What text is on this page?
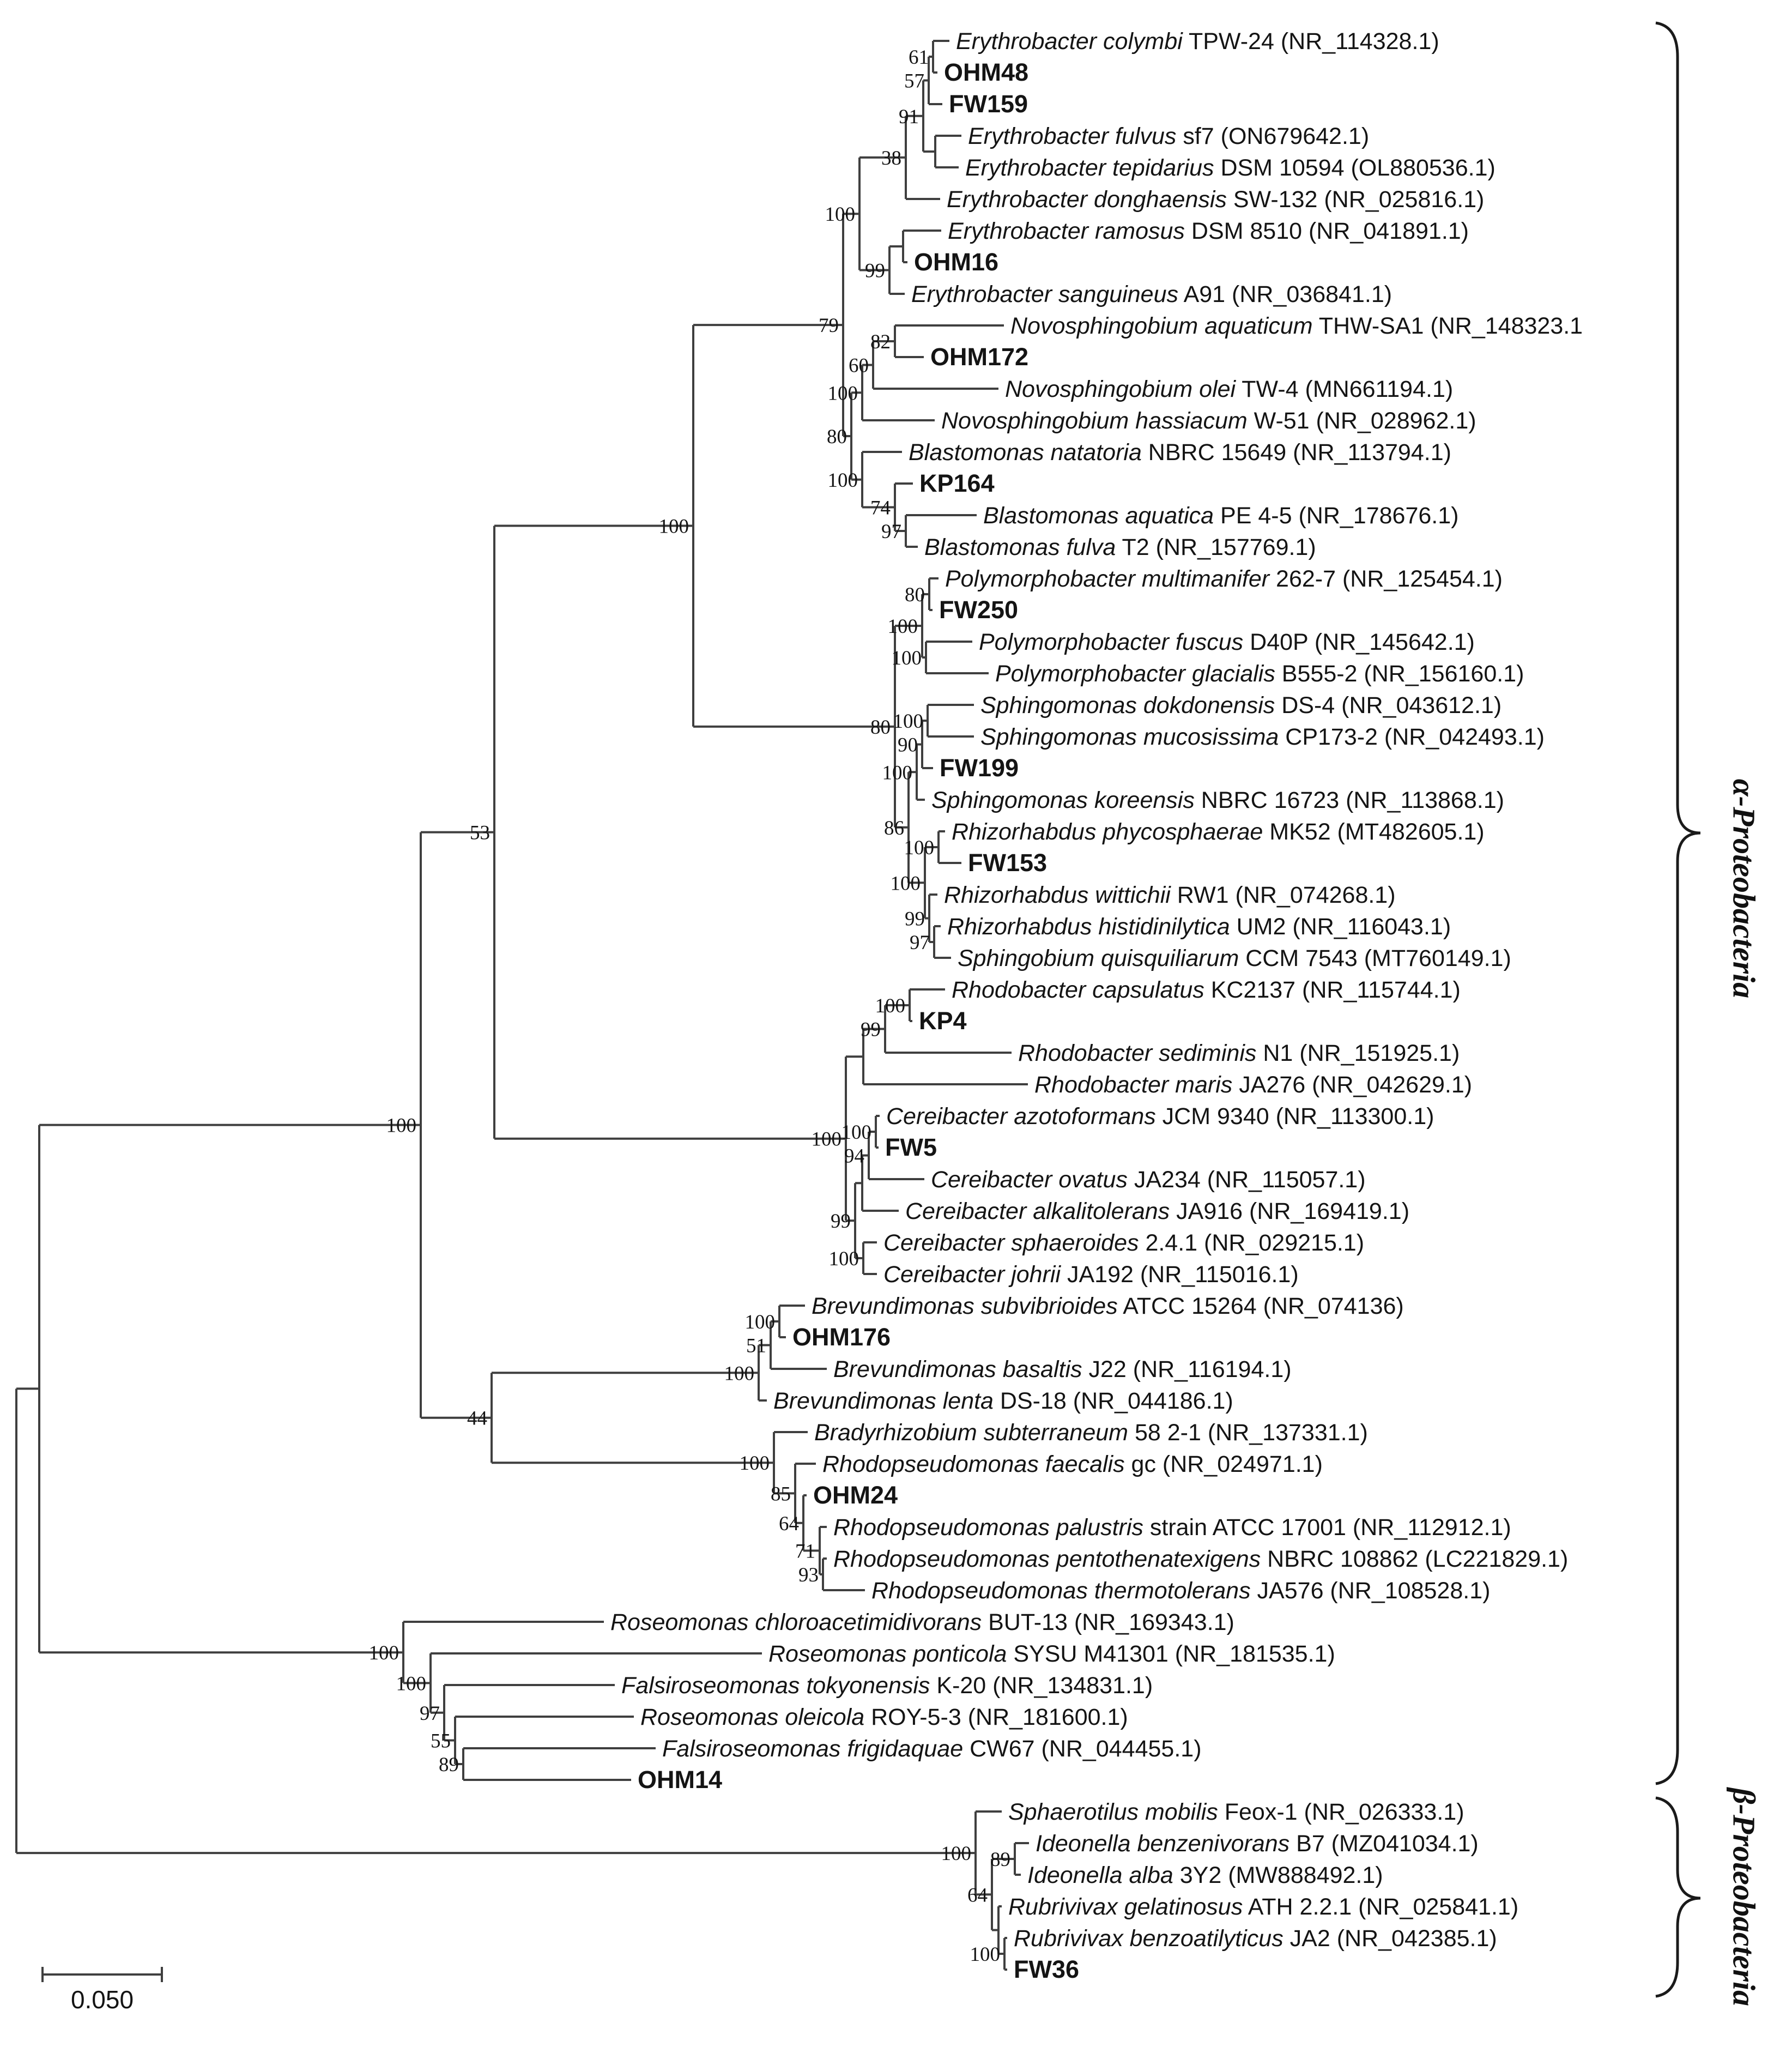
Erythrobacter colymbi TPW-24 (NR_114328.1)
OHM48
61
FW159
57
Erythrobacter fulvus sf7 (ON679642.1)
Erythrobacter tepidarius DSM 10594 (OL880536.1)
91
Erythrobacter donghaensis SW-132 (NR_025816.1)
38
Erythrobacter ramosus DSM 8510 (NR_041891.1)
OHM16
Erythrobacter sanguineus A91 (NR_036841.1)
99
100
Novosphingobium aquaticum THW-SA1 (NR_148323.1
OHM172
82
Novosphingobium olei TW-4 (MN661194.1)
60
Novosphingobium hassiacum W-51 (NR_028962.1)
100
Blastomonas natatoria NBRC 15649 (NR_113794.1)
KP164
Blastomonas aquatica PE 4-5 (NR_178676.1)
Blastomonas fulva T2 (NR_157769.1)
97
74
100
80
79
Polymorphobacter multimanifer 262-7 (NR_125454.1)
FW250
80
Polymorphobacter fuscus D40P (NR_145642.1)
Polymorphobacter glacialis B555-2 (NR_156160.1)
100
100
Sphingomonas dokdonensis DS-4 (NR_043612.1)
Sphingomonas mucosissima CP173-2 (NR_042493.1)
100
FW199
90
Sphingomonas koreensis NBRC 16723 (NR_113868.1)
100
Rhizorhabdus phycosphaerae MK52 (MT482605.1)
FW153
100
Rhizorhabdus wittichii RW1 (NR_074268.1)
Rhizorhabdus histidinilytica UM2 (NR_116043.1)
Sphingobium quisquiliarum CCM 7543 (MT760149.1)
97
99
100
86
80
100
Rhodobacter capsulatus KC2137 (NR_115744.1)
KP4
100
Rhodobacter sediminis N1 (NR_151925.1)
99
Rhodobacter maris JA276 (NR_042629.1)
Cereibacter azotoformans JCM 9340 (NR_113300.1)
FW5
100
Cereibacter ovatus JA234 (NR_115057.1)
94
Cereibacter alkalitolerans JA916 (NR_169419.1)
Cereibacter sphaeroides 2.4.1 (NR_029215.1)
Cereibacter johrii JA192 (NR_115016.1)
100
99
100
53
Brevundimonas subvibrioides ATCC 15264 (NR_074136)
OHM176
100
Brevundimonas basaltis J22 (NR_116194.1)
51
Brevundimonas lenta DS-18 (NR_044186.1)
100
Bradyrhizobium subterraneum 58 2-1 (NR_137331.1)
Rhodopseudomonas faecalis gc (NR_024971.1)
OHM24
Rhodopseudomonas palustris strain ATCC 17001 (NR_112912.1)
Rhodopseudomonas pentothenatexigens NBRC 108862 (LC221829.1)
Rhodopseudomonas thermotolerans JA576 (NR_108528.1)
93
71
64
85
100
44
100
Roseomonas chloroacetimidivorans BUT-13 (NR_169343.1)
Roseomonas ponticola SYSU M41301 (NR_181535.1)
Falsiroseomonas tokyonensis K-20 (NR_134831.1)
Roseomonas oleicola ROY-5-3 (NR_181600.1)
Falsiroseomonas frigidaquae CW67 (NR_044455.1)
OHM14
89
55
97
100
100
Sphaerotilus mobilis Feox-1 (NR_026333.1)
Ideonella benzenivorans B7 (MZ041034.1)
Ideonella alba 3Y2 (MW888492.1)
89
Rubrivivax gelatinosus ATH 2.2.1 (NR_025841.1)
Rubrivivax benzoatilyticus JA2 (NR_042385.1)
FW36
100
64
100
0.050
α-Proteobacteria
β-Proteobacteria
